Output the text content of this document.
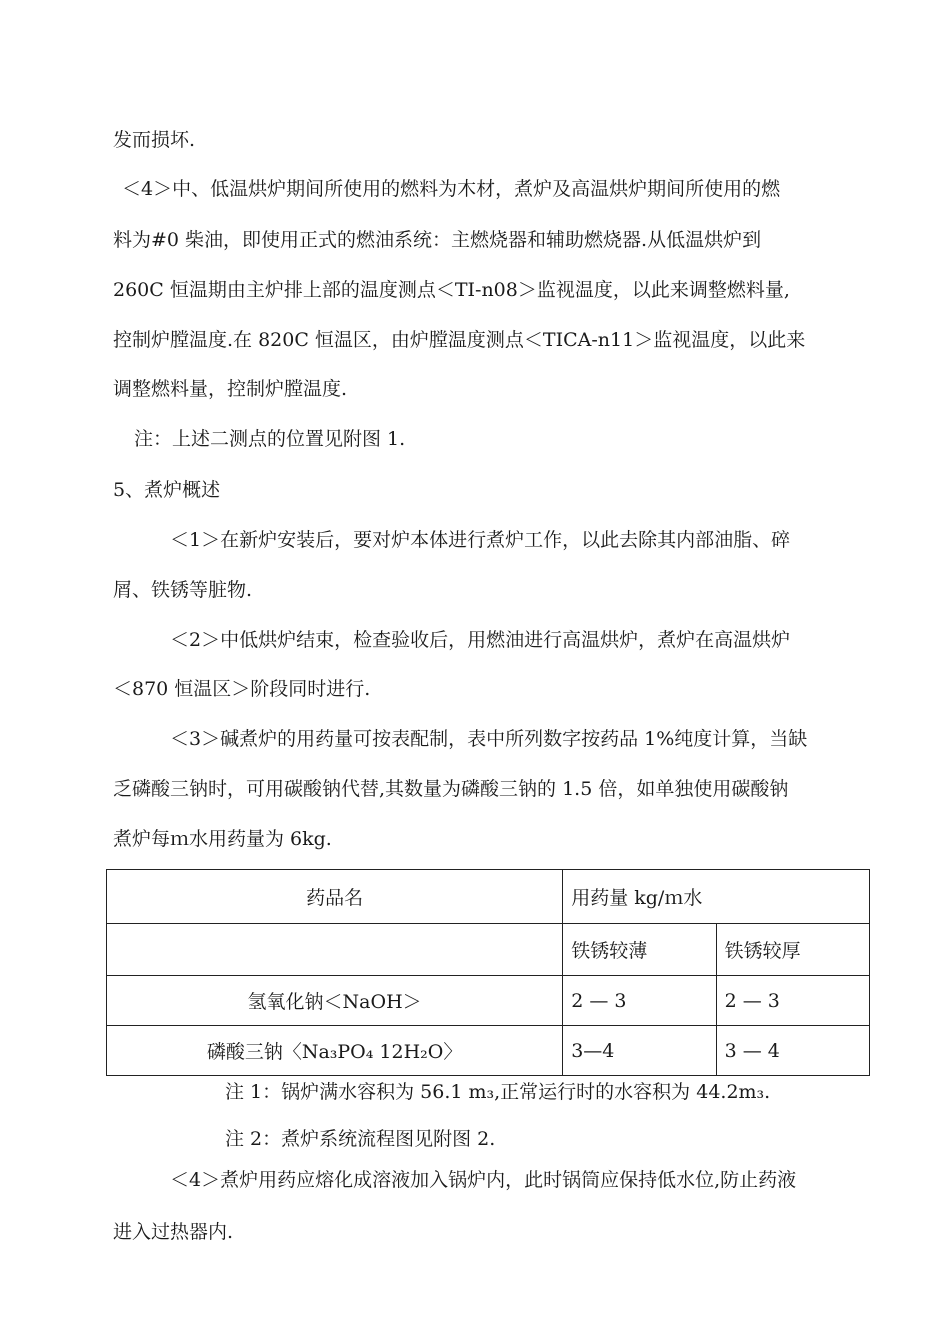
发而损坏.
＜4＞中、低温烘炉期间所使用的燃料为木材，煮炉及高温烘炉期间所使用的燃
料为#0 柴油，即使用正式的燃油系统：主燃烧器和辅助燃烧器.从低温烘炉到
260C 恒温期由主炉排上部的温度测点＜TI-n08＞监视温度，以此来调整燃料量,
控制炉膛温度.在 820C 恒温区，由炉膛温度测点＜TICA-n11＞监视温度，以此来
调整燃料量，控制炉膛温度.
注：上述二测点的位置见附图 1.
5、煮炉概述
＜1＞在新炉安装后，要对炉本体进行煮炉工作，以此去除其内部油脂、碎
屑、铁锈等脏物.
＜2＞中低烘炉结束，检查验收后，用燃油进行高温烘炉，煮炉在高温烘炉
＜870 恒温区＞阶段同时进行.
＜3＞碱煮炉的用药量可按表配制，表中所列数字按药品 1%纯度计算，当缺
乏磷酸三钠时，可用碳酸钠代替,其数量为磷酸三钠的 1.5 倍，如单独使用碳酸钠
煮炉每ｍ水用药量为 6kg.
药品名	用药量 kg/ｍ水	
	铁锈较薄	铁锈较厚
氢氧化钠＜NaOH＞	2 — 3	2 — 3
磷酸三钠〈Na₃PO₄ 12H₂O〉	3—4	3 — 4
注 1：锅炉满水容积为 56.1 m₃,正常运行时的水容积为 44.2m₃.
注 2：煮炉系统流程图见附图 2.
＜4＞煮炉用药应熔化成溶液加入锅炉内，此时锅筒应保持低水位,防止药液
进入过热器内.
